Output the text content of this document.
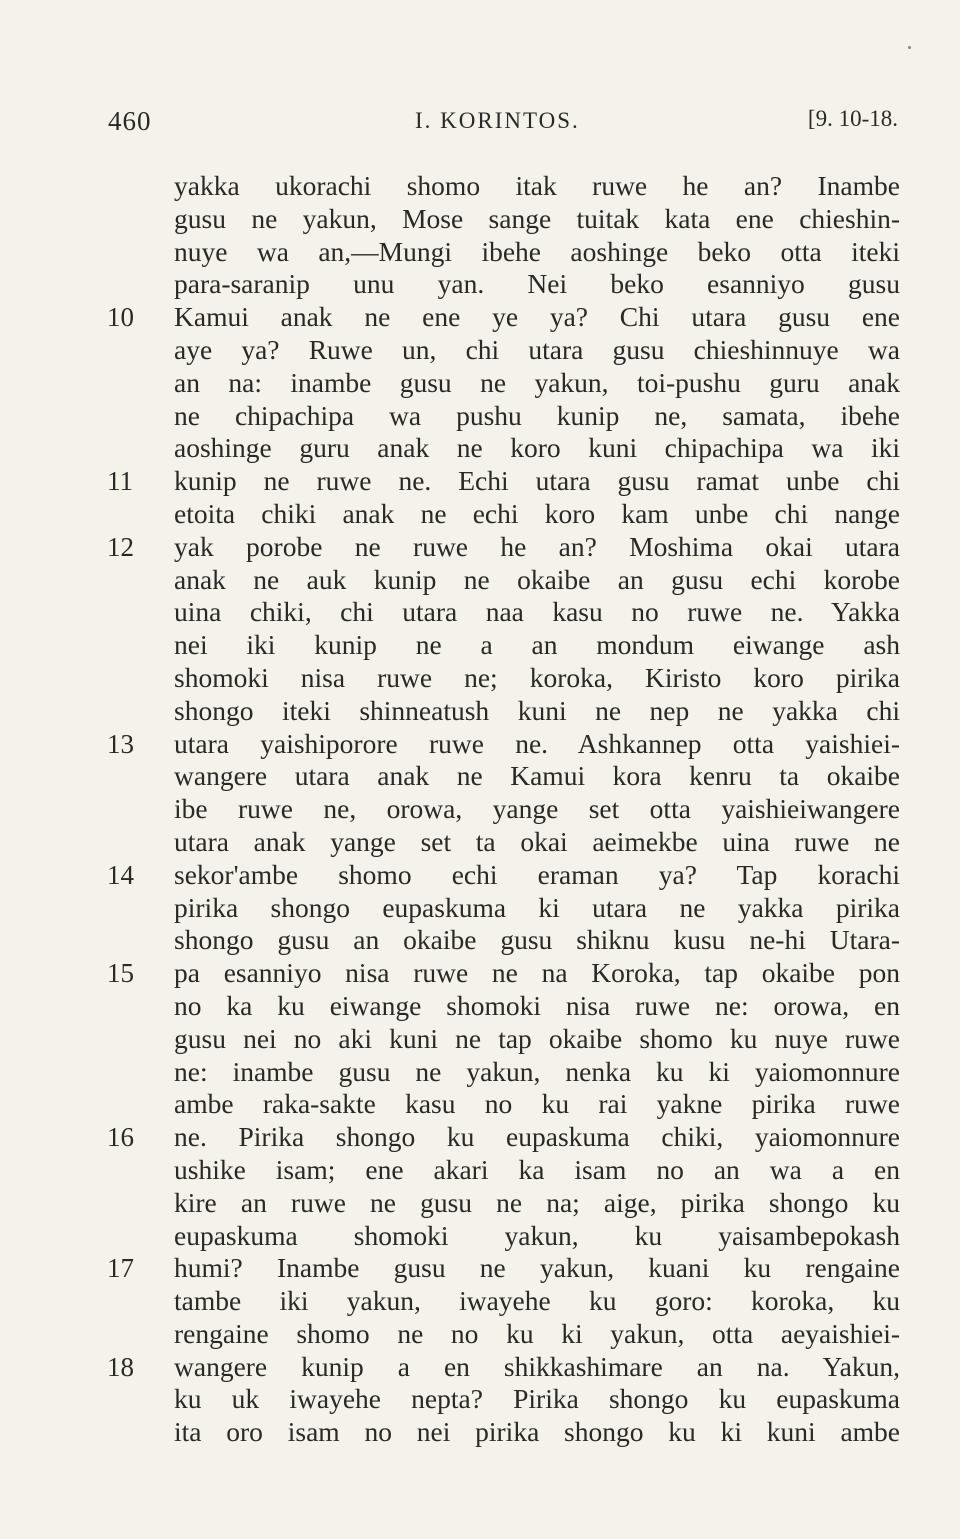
460	I. KORINTOS.	[9. 10-18.
yakka ukorachi shomo itak ruwe he an? Inambe
gusu ne yakun, Mose sange tuitak kata ene chieshin-
nuye wa an,—Mungi ibehe aoshinge beko otta iteki
para-saranip unu yan. Nei beko esanniyo gusu
10	Kamui anak ne ene ye ya? Chi utara gusu ene
aye ya? Ruwe un, chi utara gusu chieshinnuye wa
an na: inambe gusu ne yakun, toi-pushu guru anak
ne chipachipa wa pushu kunip ne, samata, ibehe
aoshinge guru anak ne koro kuni chipachipa wa iki
11	kunip ne ruwe ne. Echi utara gusu ramat unbe chi
etoita chiki anak ne echi koro kam unbe chi nange
12	yak porobe ne ruwe he an? Moshima okai utara
anak ne auk kunip ne okaibe an gusu echi korobe
uina chiki, chi utara naa kasu no ruwe ne. Yakka
nei iki kunip ne a an mondum eiwange ash
shomoki nisa ruwe ne; koroka, Kiristo koro pirika
shongo iteki shinneatush kuni ne nep ne yakka chi
13	utara yaishiporore ruwe ne. Ashkannep otta yaishiei-
wangere utara anak ne Kamui kora kenru ta okaibe
ibe ruwe ne, orowa, yange set otta yaishieiwangere
utara anak yange set ta okai aeimekbe uina ruwe ne
14	sekor'ambe shomo echi eraman ya? Tap korachi
pirika shongo eupaskuma ki utara ne yakka pirika
shongo gusu an okaibe gusu shiknu kusu ne-hi Utara-
15	pa esanniyo nisa ruwe ne na Koroka, tap okaibe pon
no ka ku eiwange shomoki nisa ruwe ne: orowa, en
gusu nei no aki kuni ne tap okaibe shomo ku nuye ruwe
ne: inambe gusu ne yakun, nenka ku ki yaiomonnure
ambe raka-sakte kasu no ku rai yakne pirika ruwe
16	ne. Pirika shongo ku eupaskuma chiki, yaiomonnure
ushike isam; ene akari ka isam no an wa a en
kire an ruwe ne gusu ne na; aige, pirika shongo ku
eupaskuma shomoki yakun, ku yaisambepokash
17	humi? Inambe gusu ne yakun, kuani ku rengaine
tambe iki yakun, iwayehe ku goro: koroka, ku
rengaine shomo ne no ku ki yakun, otta aeyaishiei-
18	wangere kunip a en shikkashimare an na. Yakun,
ku uk iwayehe nepta? Pirika shongo ku eupaskuma
ita oro isam no nei pirika shongo ku ki kuni ambe
